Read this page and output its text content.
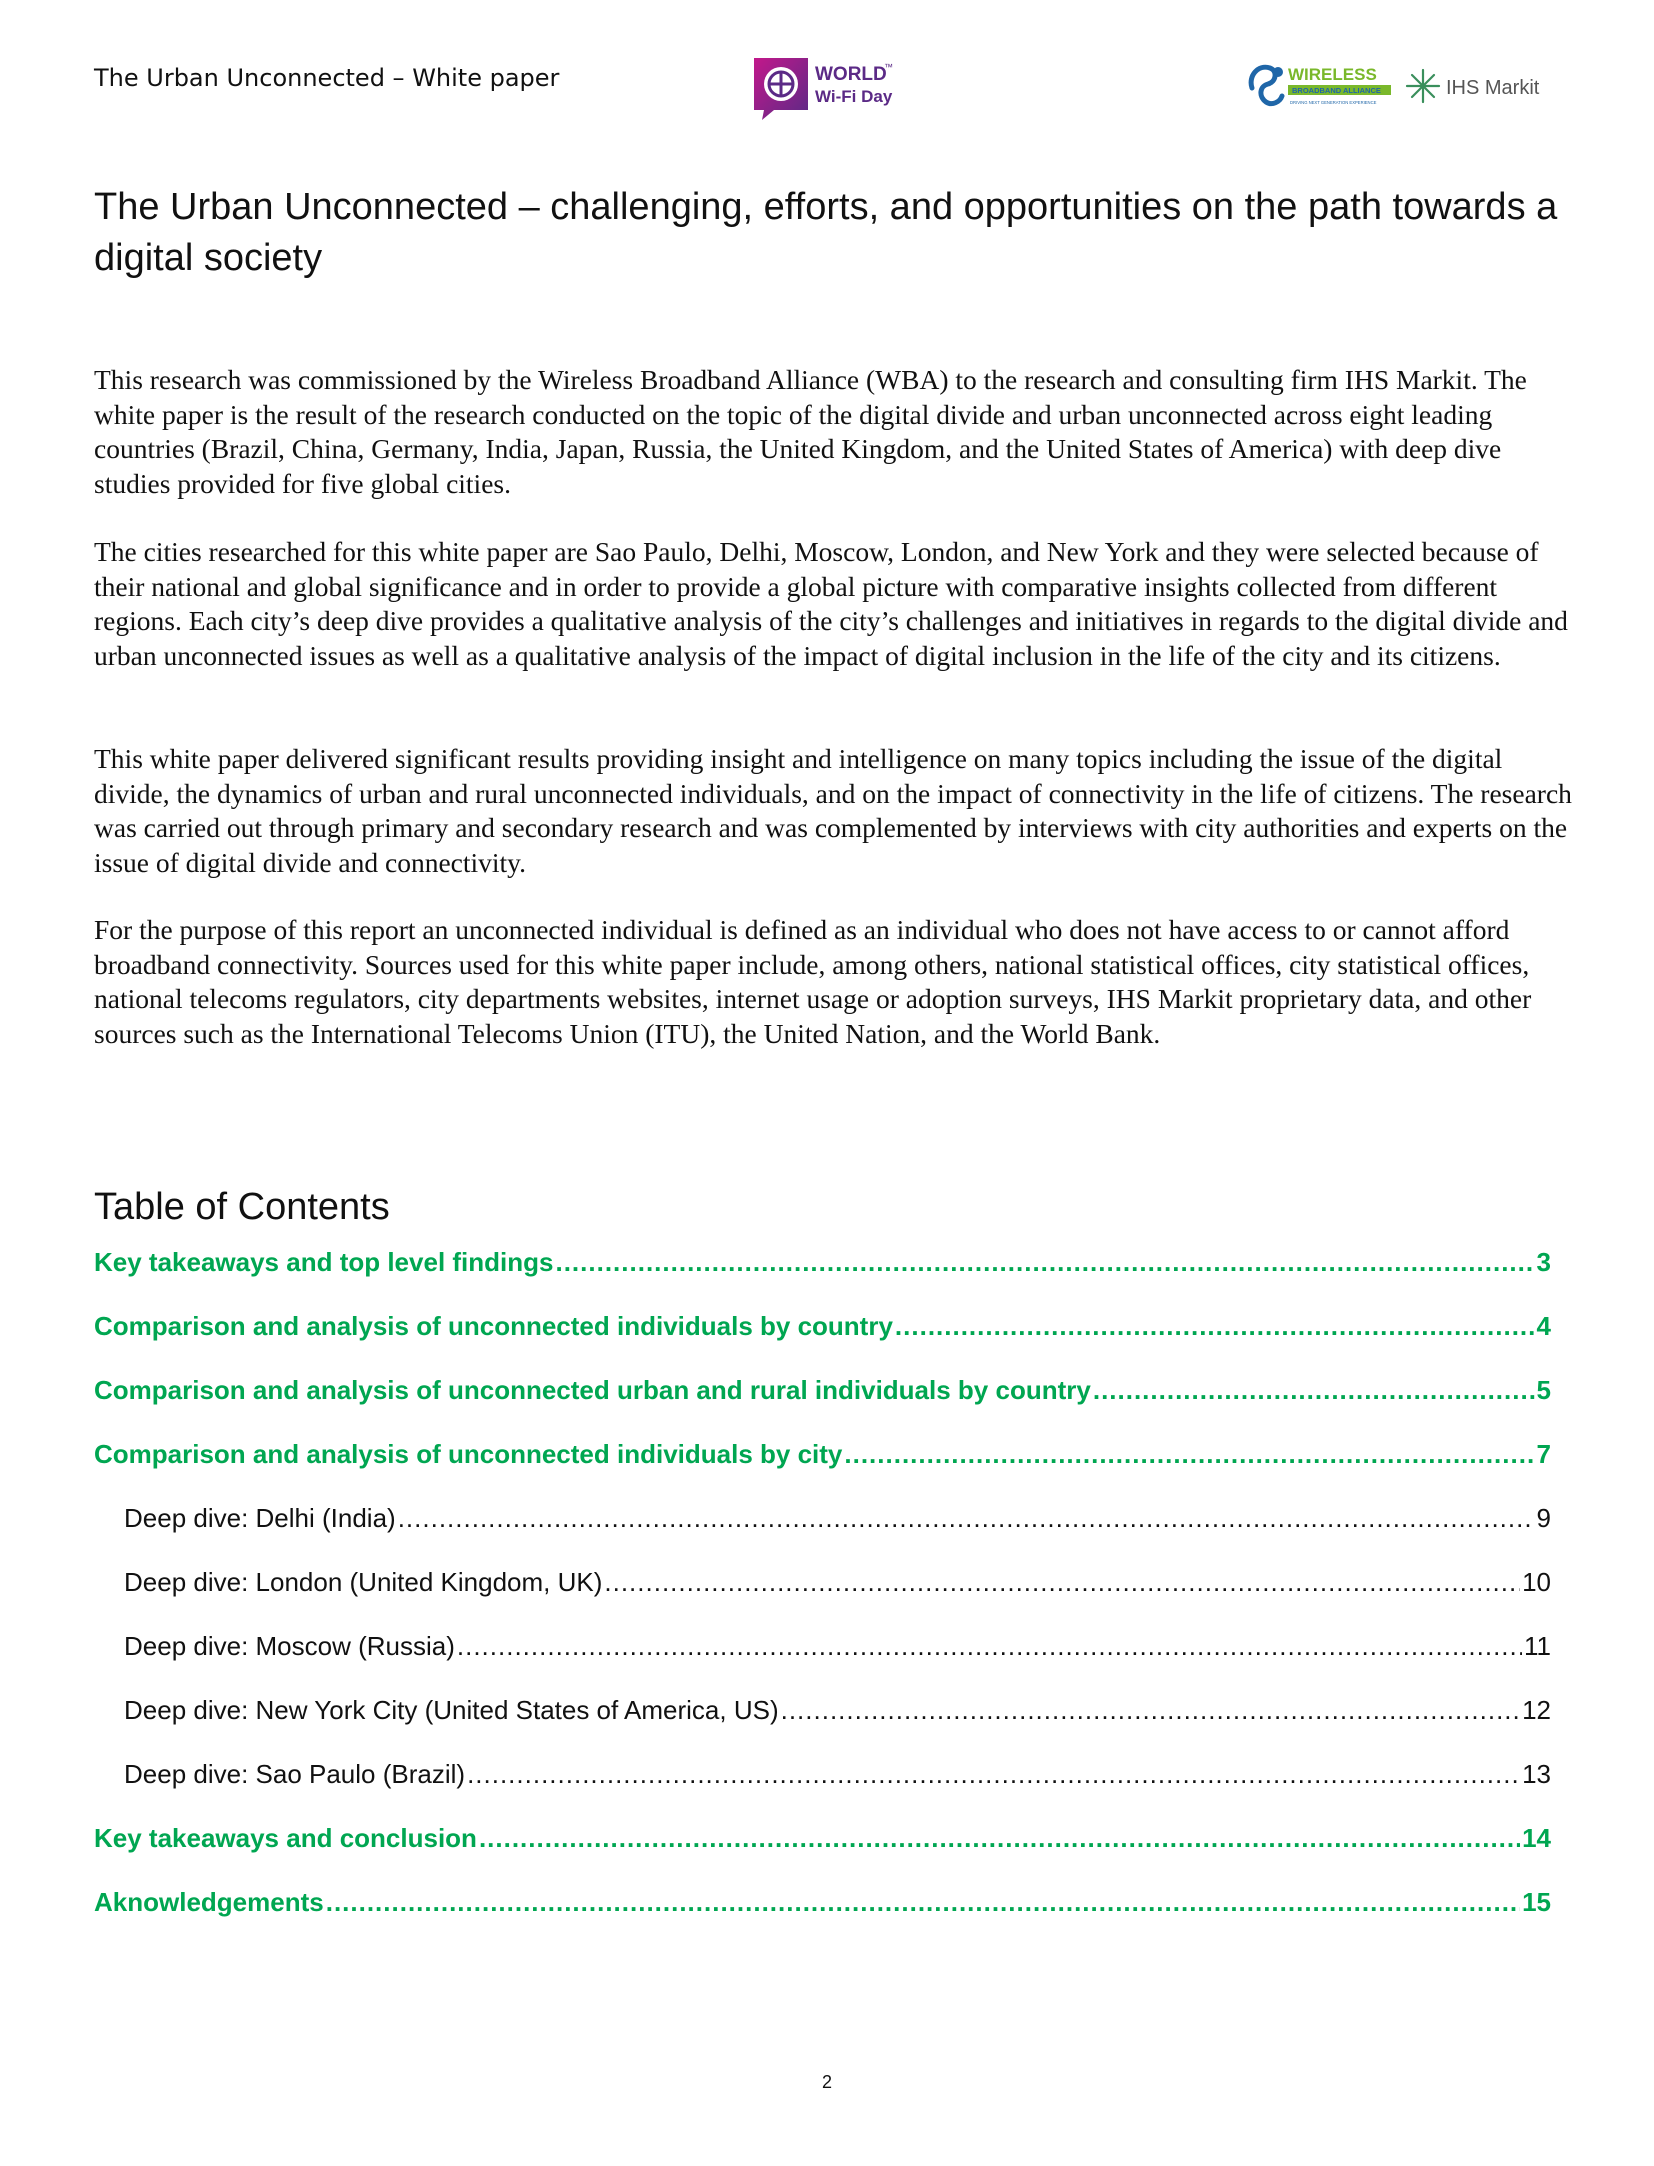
The Urban Unconnected – White paper	WORLD
™
Wi-Fi Day
WIRELESS
BROADBAND ALLIANCE
DRIVING NEXT GENERATION EXPERIENCE
IHS Markit
The Urban Unconnected – challenging, efforts, and opportunities on the path towards a digital society

This research was commissioned by the Wireless Broadband Alliance (WBA) to the research and consulting firm IHS Markit. The white paper is the result of the research conducted on the topic of the digital divide and urban unconnected across eight leading countries (Brazil, China, Germany, India, Japan, Russia, the United Kingdom, and the United States of America) with deep dive studies provided for five global cities.

The cities researched for this white paper are Sao Paulo, Delhi, Moscow, London, and New York and they were selected because of their national and global significance and in order to provide a global picture with comparative insights collected from different regions. Each city’s deep dive provides a qualitative analysis of the city’s challenges and initiatives in regards to the digital divide and urban unconnected issues as well as a qualitative analysis of the impact of digital inclusion in the life of the city and its citizens.

This white paper delivered significant results providing insight and intelligence on many topics including the issue of the digital divide, the dynamics of urban and rural unconnected individuals, and on the impact of connectivity in the life of citizens. The research was carried out through primary and secondary research and was complemented by interviews with city authorities and experts on the issue of digital divide and connectivity.

For the purpose of this report an unconnected individual is defined as an individual who does not have access to or cannot afford broadband connectivity. Sources used for this white paper include, among others, national statistical offices, city statistical offices, national telecoms regulators, city departments websites, internet usage or adoption surveys, IHS Markit proprietary data, and other sources such as the International Telecoms Union (ITU), the United Nation, and the World Bank.

Table of Contents
Key takeaways and top level findings .....	3
Comparison and analysis of unconnected individuals by country .....	4
Comparison and analysis of unconnected urban and rural individuals by country .....	5
Comparison and analysis of unconnected individuals by city .....	7
Deep dive: Delhi (India) .....	9
Deep dive: London (United Kingdom, UK) .....	10
Deep dive: Moscow (Russia) .....	11
Deep dive: New York City (United States of America, US) .....	12
Deep dive: Sao Paulo (Brazil) .....	13
Key takeaways and conclusion .....	14
Aknowledgements .....	15
2
